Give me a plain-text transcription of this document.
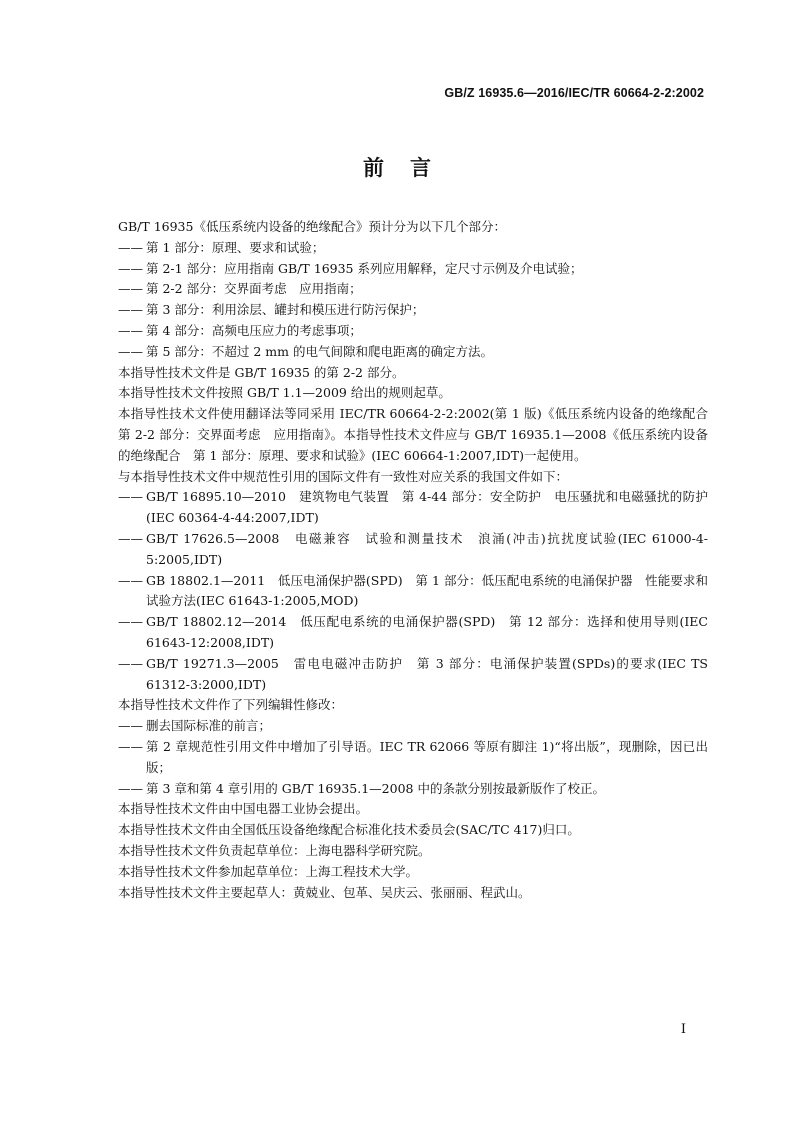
GB/Z 16935.6—2016/IEC/TR 60664-2-2:2002
前言

GB/T 16935《低压系统内设备的绝缘配合》预计分为以下几个部分：

—— 第 1 部分：原理、要求和试验；

—— 第 2-1 部分：应用指南 GB/T 16935 系列应用解释，定尺寸示例及介电试验；

—— 第 2-2 部分：交界面考虑　应用指南；

—— 第 3 部分：利用涂层、罐封和模压进行防污保护；

—— 第 4 部分：高频电压应力的考虑事项；

—— 第 5 部分：不超过 2 mm 的电气间隙和爬电距离的确定方法。

本指导性技术文件是 GB/T 16935 的第 2-2 部分。

本指导性技术文件按照 GB/T 1.1—2009 给出的规则起草。

本指导性技术文件使用翻译法等同采用 IEC/TR 60664-2-2:2002(第 1 版)《低压系统内设备的绝缘配合　第 2-2 部分：交界面考虑　应用指南》。本指导性技术文件应与 GB/T 16935.1—2008《低压系统内设备的绝缘配合　第 1 部分：原理、要求和试验》(IEC 60664-1:2007,IDT)一起使用。

与本指导性技术文件中规范性引用的国际文件有一致性对应关系的我国文件如下：

—— GB/T 16895.10—2010　建筑物电气装置　第 4-44 部分：安全防护　电压骚扰和电磁骚扰的防护(IEC 60364-4-44:2007,IDT)

—— GB/T 17626.5—2008　电磁兼容　试验和测量技术　浪涌(冲击)抗扰度试验(IEC 61000-4-5:2005,IDT)

—— GB 18802.1—2011　低压电涌保护器(SPD)　第 1 部分：低压配电系统的电涌保护器　性能要求和试验方法(IEC 61643-1:2005,MOD)

—— GB/T 18802.12—2014　低压配电系统的电涌保护器(SPD)　第 12 部分：选择和使用导则(IEC 61643-12:2008,IDT)

—— GB/T 19271.3—2005　雷电电磁冲击防护　第 3 部分：电涌保护装置(SPDs)的要求(IEC TS 61312-3:2000,IDT)

本指导性技术文件作了下列编辑性修改：

—— 删去国际标准的前言；

—— 第 2 章规范性引用文件中增加了引导语。IEC TR 62066 等原有脚注 1)“将出版”，现删除，因已出版；

—— 第 3 章和第 4 章引用的 GB/T 16935.1—2008 中的条款分别按最新版作了校正。

本指导性技术文件由中国电器工业协会提出。

本指导性技术文件由全国低压设备绝缘配合标准化技术委员会(SAC/TC 417)归口。

本指导性技术文件负责起草单位：上海电器科学研究院。

本指导性技术文件参加起草单位：上海工程技术大学。

本指导性技术文件主要起草人：黄兢业、包革、吴庆云、张丽丽、程武山。

I
